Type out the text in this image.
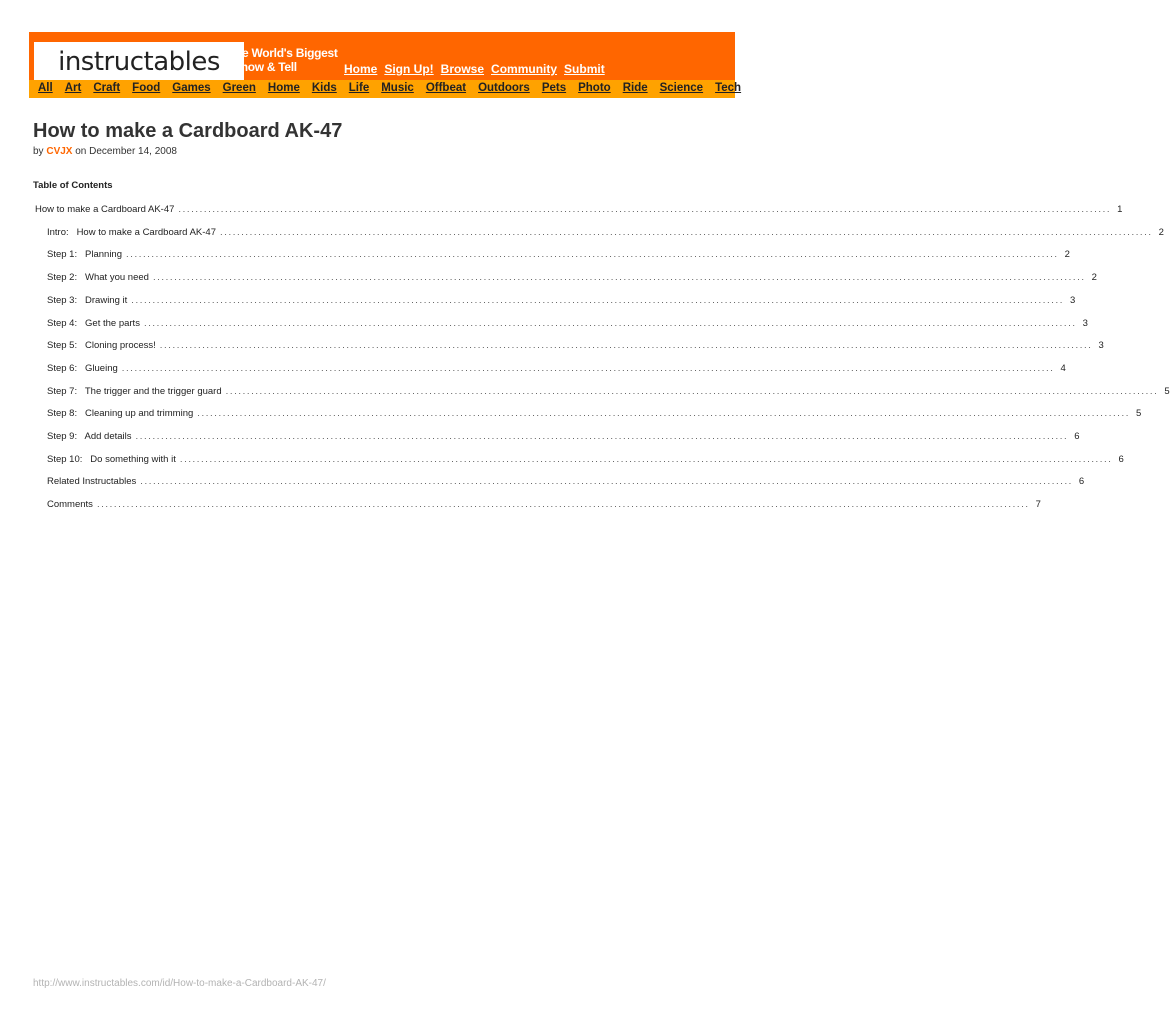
instructables The World's Biggest
Show & Tell	Home Sign Up! Browse Community Submit
All Art Craft Food Games Green Home Kids Life Music Offbeat Outdoors Pets Photo Ride Science Tech
How to make a Cardboard AK-47
by CVJX on December 14, 2008
Table of Contents
How to make a Cardboard AK-47 ............................................................................................................................................................................................................................ 1
Intro:   How to make a Cardboard AK-47 ............................................................................................................................................................................................................................ 2
Step 1:   Planning ............................................................................................................................................................................................................................ 2
Step 2:   What you need ............................................................................................................................................................................................................................ 2
Step 3:   Drawing it ............................................................................................................................................................................................................................ 3
Step 4:   Get the parts ............................................................................................................................................................................................................................ 3
Step 5:   Cloning process! ............................................................................................................................................................................................................................ 3
Step 6:   Glueing ............................................................................................................................................................................................................................ 4
Step 7:   The trigger and the trigger guard ............................................................................................................................................................................................................................ 5
Step 8:   Cleaning up and trimming ............................................................................................................................................................................................................................ 5
Step 9:   Add details ............................................................................................................................................................................................................................ 6
Step 10:   Do something with it ............................................................................................................................................................................................................................ 6
Related Instructables ............................................................................................................................................................................................................................ 6
Comments ............................................................................................................................................................................................................................ 7
http://www.instructables.com/id/How-to-make-a-Cardboard-AK-47/
